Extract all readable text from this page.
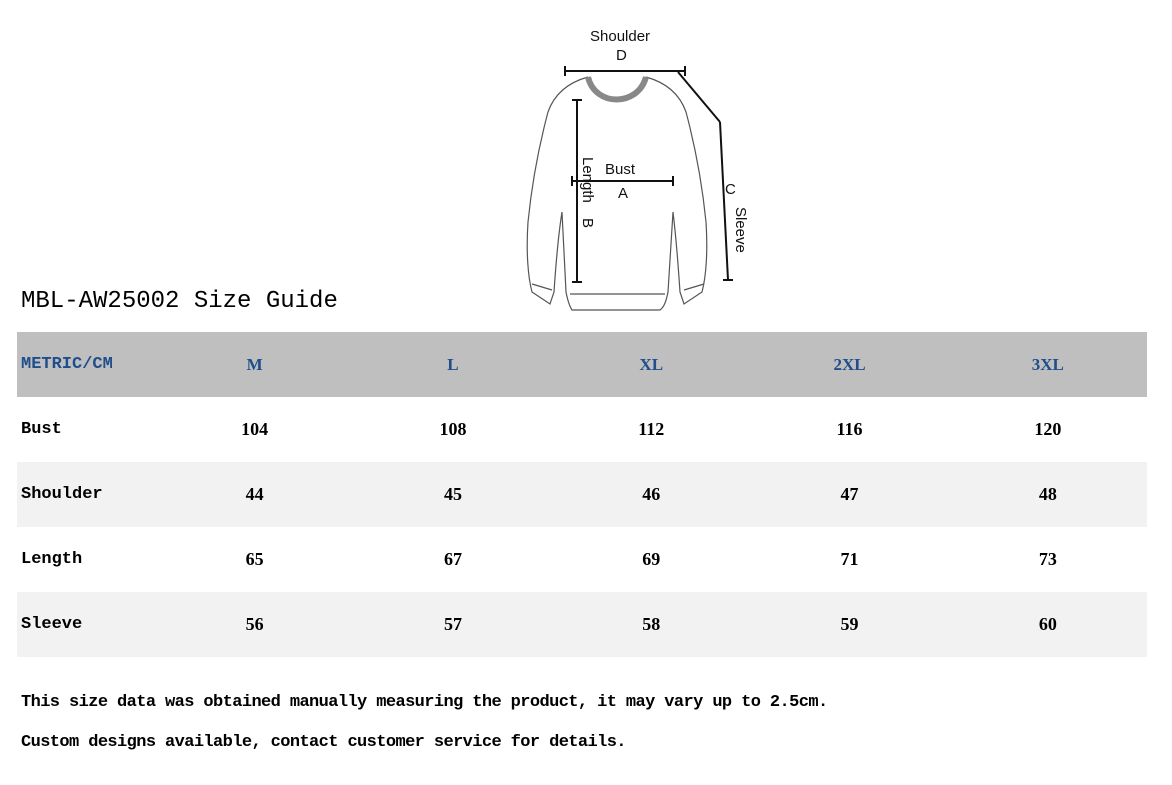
Shoulder
D
Bust
A	C
Sleeve
Length
B
MBL-AW25002 Size Guide
METRIC/CM	M	L	XL	2XL	3XL
Bust	104	108	112	116	120
Shoulder	44	45	46	47	48
Length	65	67	69	71	73
Sleeve	56	57	58	59	60
This size data was obtained manually measuring the product, it may vary up to 2.5cm.
Custom designs available, contact customer service for details.
